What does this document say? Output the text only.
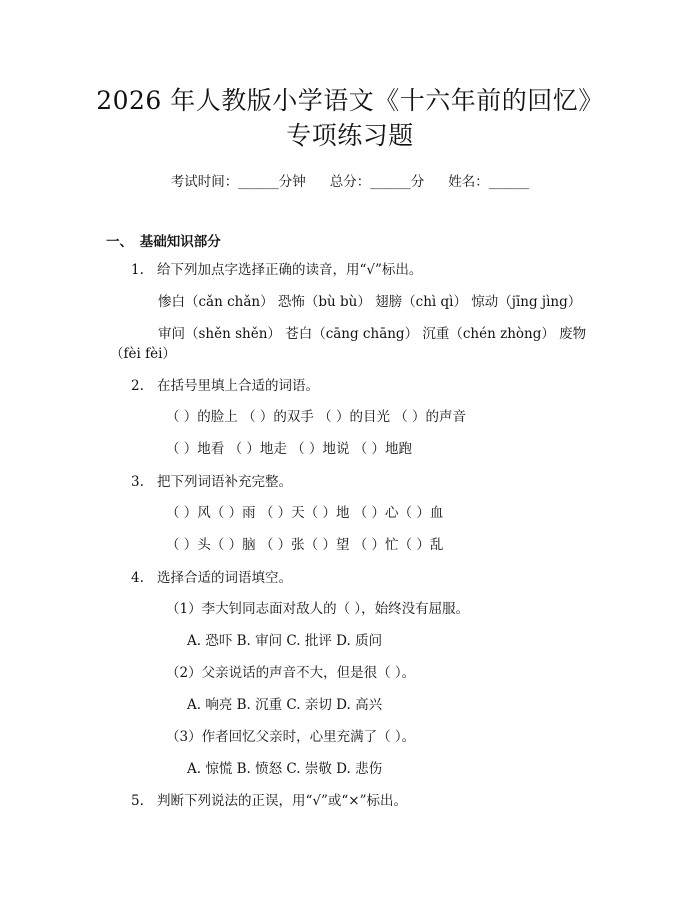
2026 年人教版小学语文《十六年前的回忆》
专项练习题
考试时间：______分钟 总分：______分 姓名：______
一、　基础知识部分
1. 给下列加点字选择正确的读音，用“√”标出。
惨白（cǎn chǎn） 恐怖（bù bù） 翅膀（chì qì） 惊动（jīng jìng）
审问（shěn shěn） 苍白（cāng chāng） 沉重（chén zhòng） 废物
（fèi fèi）
2. 在括号里填上合适的词语。
（ ）的脸上 （ ）的双手 （ ）的目光 （ ）的声音
（ ）地看 （ ）地走 （ ）地说 （ ）地跑
3. 把下列词语补充完整。
（ ）风（ ）雨 （ ）天（ ）地 （ ）心（ ）血
（ ）头（ ）脑 （ ）张（ ）望 （ ）忙（ ）乱
4. 选择合适的词语填空。
（1）李大钊同志面对敌人的（ ），始终没有屈服。
A. 恐吓 B. 审问 C. 批评 D. 质问
（2）父亲说话的声音不大，但是很（ ）。
A. 响亮 B. 沉重 C. 亲切 D. 高兴
（3）作者回忆父亲时，心里充满了（ ）。
A. 惊慌 B. 愤怒 C. 崇敬 D. 悲伤
5. 判断下列说法的正误，用“√”或“×”标出。
